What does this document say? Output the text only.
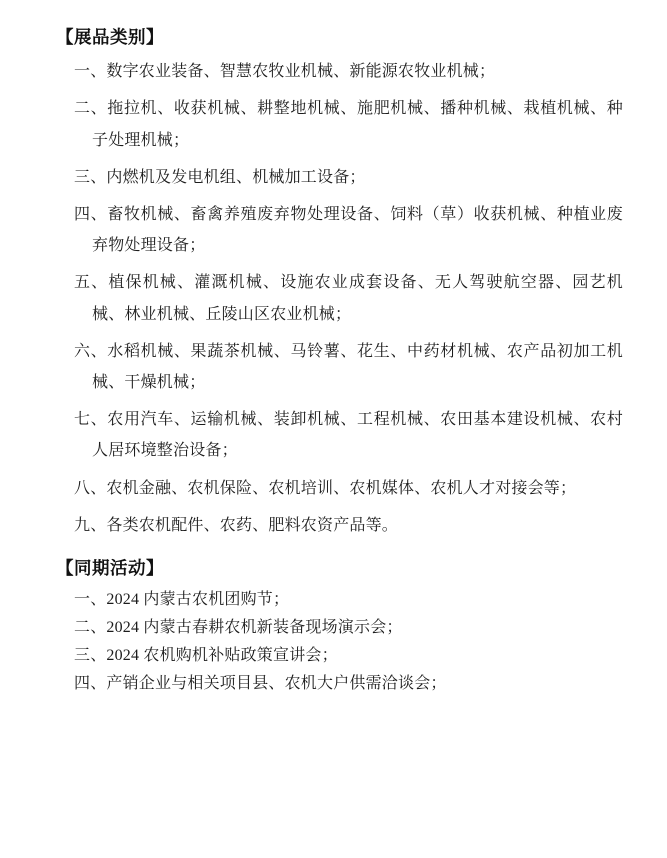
【展品类别】

一、数字农业装备、智慧农牧业机械、新能源农牧业机械；

二、拖拉机、收获机械、耕整地机械、施肥机械、播种机械、栽植机械、种子处理机械；

三、内燃机及发电机组、机械加工设备；

四、畜牧机械、畜禽养殖废弃物处理设备、饲料（草）收获机械、种植业废弃物处理设备；

五、植保机械、灌溉机械、设施农业成套设备、无人驾驶航空器、园艺机械、林业机械、丘陵山区农业机械；

六、水稻机械、果蔬茶机械、马铃薯、花生、中药材机械、农产品初加工机械、干燥机械；

七、农用汽车、运输机械、装卸机械、工程机械、农田基本建设机械、农村人居环境整治设备；

八、农机金融、农机保险、农机培训、农机媒体、农机人才对接会等；

九、各类农机配件、农药、肥料农资产品等。

【同期活动】

一、2024 内蒙古农机团购节；

二、2024 内蒙古春耕农机新装备现场演示会；

三、2024 农机购机补贴政策宣讲会；

四、产销企业与相关项目县、农机大户供需洽谈会；
